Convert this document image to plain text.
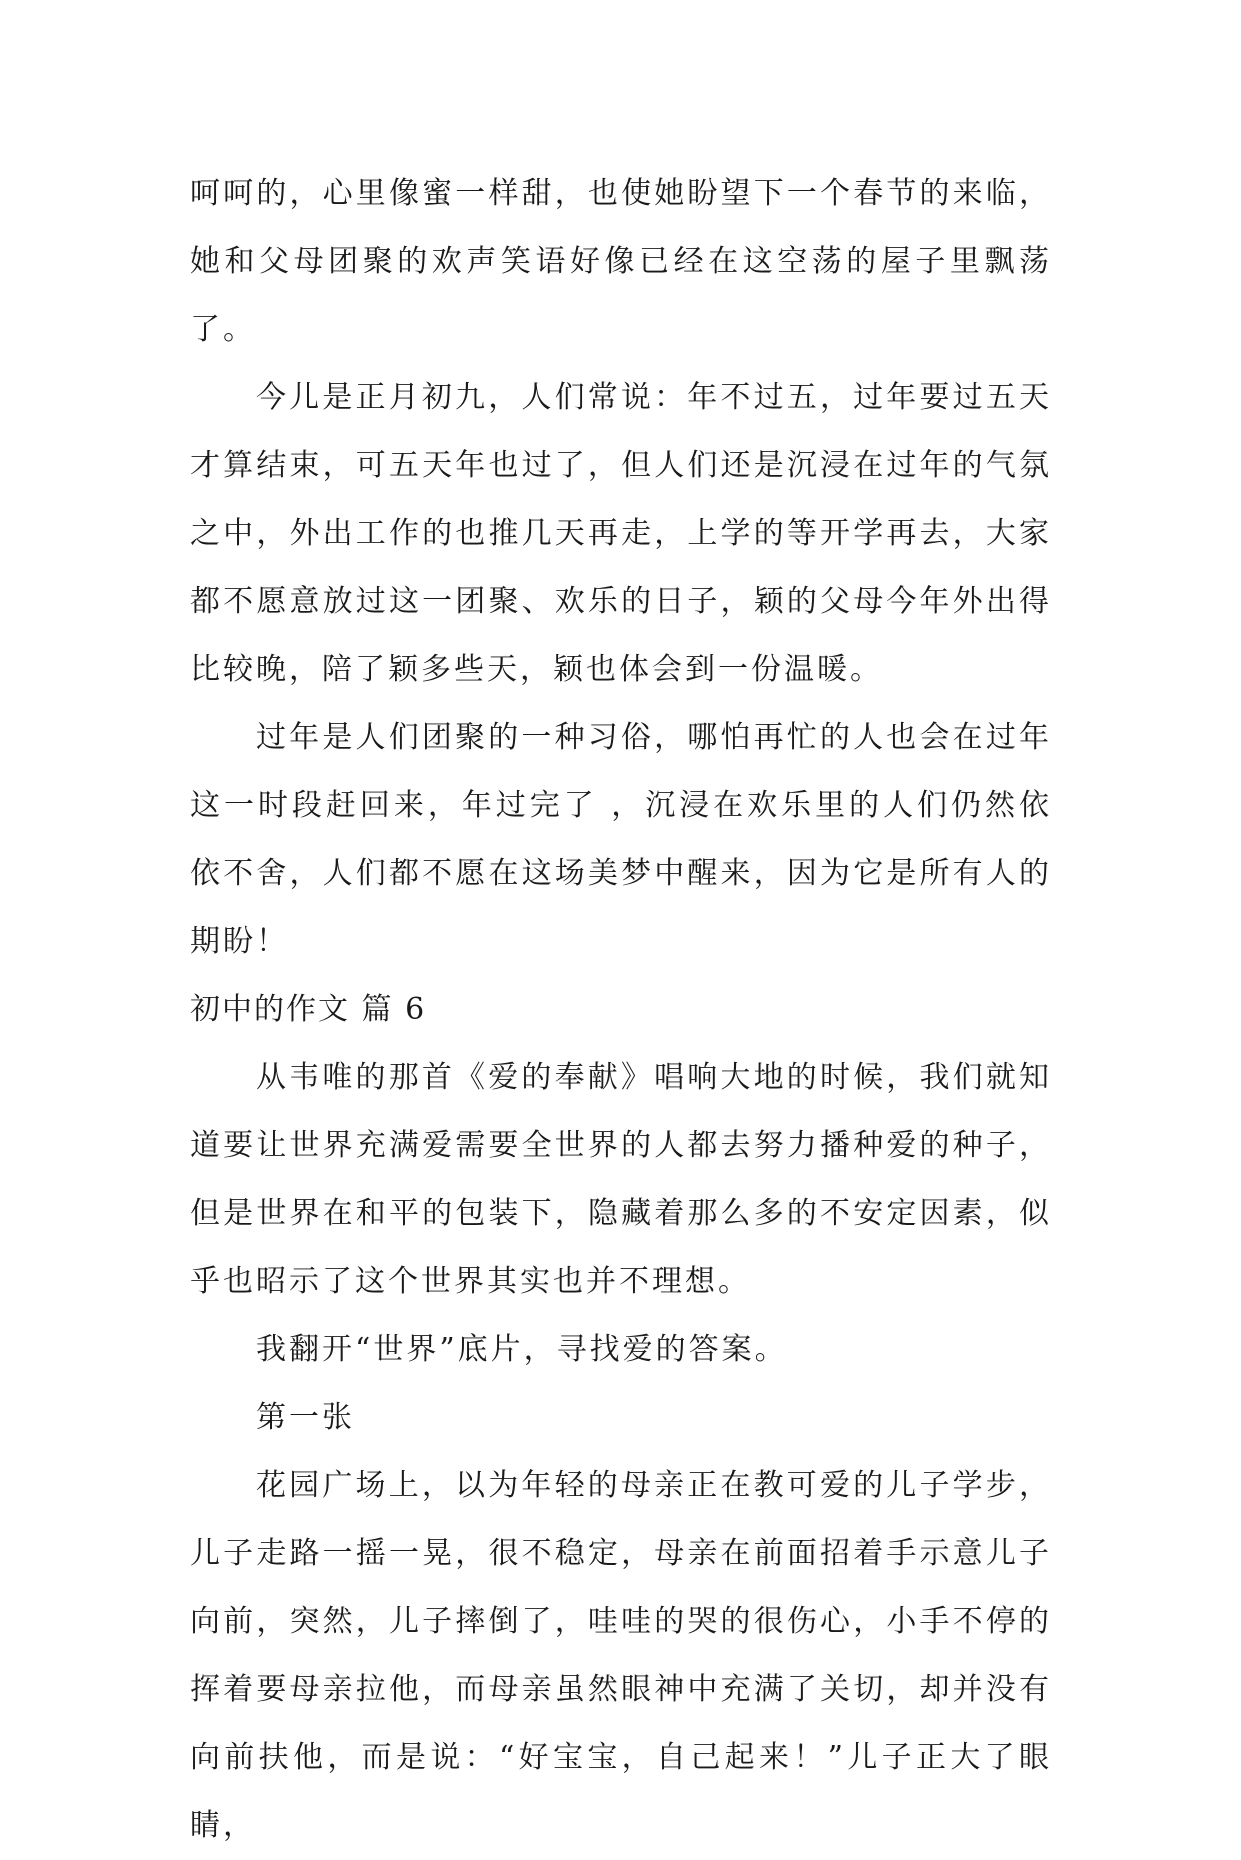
呵呵的，心里像蜜一样甜，也使她盼望下一个春节的来临，她和父母团聚的欢声笑语好像已经在这空荡的屋子里飘荡了。

今儿是正月初九，人们常说：年不过五，过年要过五天才算结束，可五天年也过了，但人们还是沉浸在过年的气氛之中，外出工作的也推几天再走，上学的等开学再去，大家都不愿意放过这一团聚、欢乐的日子，颖的父母今年外出得比较晚，陪了颖多些天，颖也体会到一份温暖。

过年是人们团聚的一种习俗，哪怕再忙的人也会在过年这一时段赶回来，年过完了 ，沉浸在欢乐里的人们仍然依依不舍，人们都不愿在这场美梦中醒来，因为它是所有人的期盼！

初中的作文 篇 6

从韦唯的那首《爱的奉献》唱响大地的时候，我们就知道要让世界充满爱需要全世界的人都去努力播种爱的种子，但是世界在和平的包装下，隐藏着那么多的不安定因素，似乎也昭示了这个世界其实也并不理想。

我翻开“世界”底片，寻找爱的答案。

第一张

花园广场上，以为年轻的母亲正在教可爱的儿子学步，儿子走路一摇一晃，很不稳定，母亲在前面招着手示意儿子向前，突然，儿子摔倒了，哇哇的哭的很伤心，小手不停的挥着要母亲拉他，而母亲虽然眼神中充满了关切，却并没有向前扶他，而是说：“好宝宝，自己起来！”儿子正大了眼睛，
